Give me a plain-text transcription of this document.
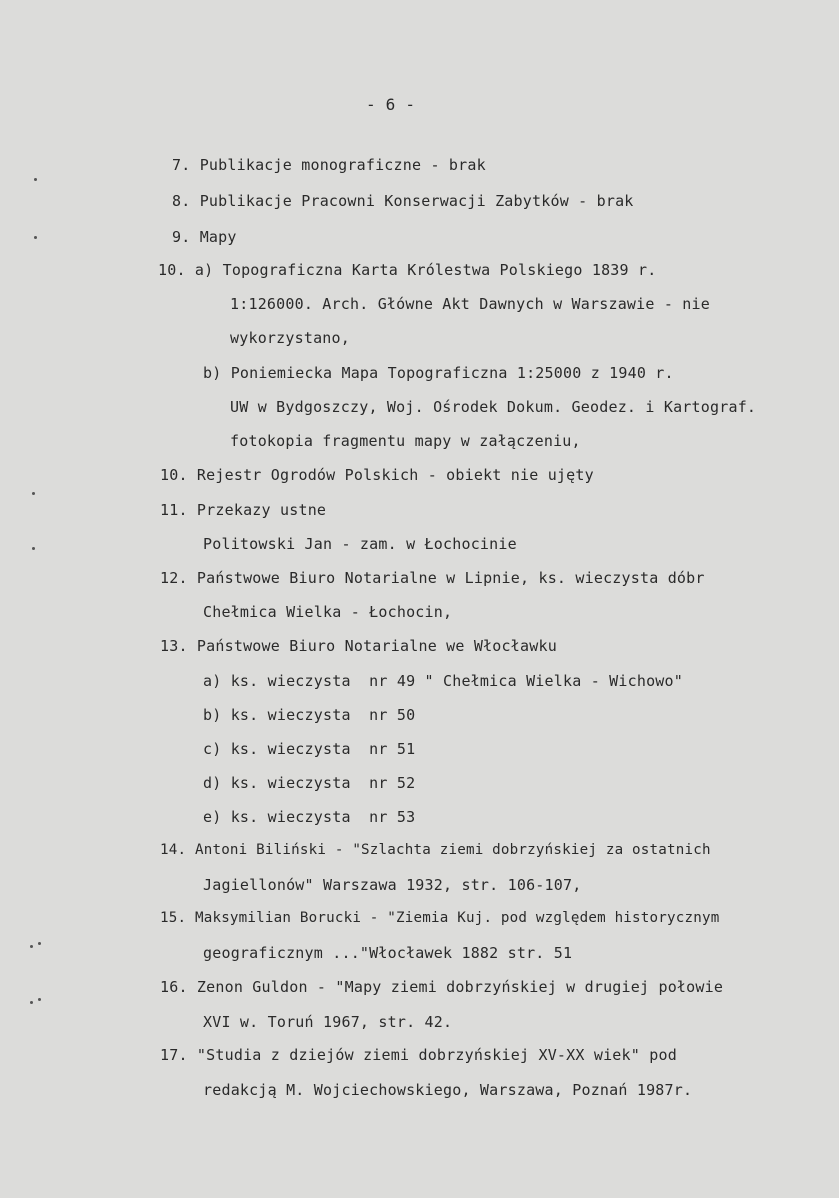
- 6 -
7. Publikacje monograficzne - brak
8. Publikacje Pracowni Konserwacji Zabytków - brak
9. Mapy
10. a) Topograficzna Karta Królestwa Polskiego 1839 r.
1:126000. Arch. Główne Akt Dawnych w Warszawie - nie
wykorzystano,
b) Poniemiecka Mapa Topograficzna 1:25000 z 1940 r.
UW w Bydgoszczy, Woj. Ośrodek Dokum. Geodez. i Kartograf.
fotokopia fragmentu mapy w załączeniu,
10. Rejestr Ogrodów Polskich - obiekt nie ujęty
11. Przekazy ustne
Politowski Jan - zam. w Łochocinie
12. Państwowe Biuro Notarialne w Lipnie, ks. wieczysta dóbr
Chełmica Wielka - Łochocin,
13. Państwowe Biuro Notarialne we Włocławku
a) ks. wieczysta  nr 49 " Chełmica Wielka - Wichowo"
b) ks. wieczysta  nr 50
c) ks. wieczysta  nr 51
d) ks. wieczysta  nr 52
e) ks. wieczysta  nr 53
14. Antoni Biliński - "Szlachta ziemi dobrzyńskiej za ostatnich
Jagiellonów" Warszawa 1932, str. 106-107,
15. Maksymilian Borucki - "Ziemia Kuj. pod względem historycznym
geograficznym ..."Włocławek 1882 str. 51
16. Zenon Guldon - "Mapy ziemi dobrzyńskiej w drugiej połowie
XVI w. Toruń 1967, str. 42.
17. "Studia z dziejów ziemi dobrzyńskiej XV-XX wiek" pod
redakcją M. Wojciechowskiego, Warszawa, Poznań 1987r.
